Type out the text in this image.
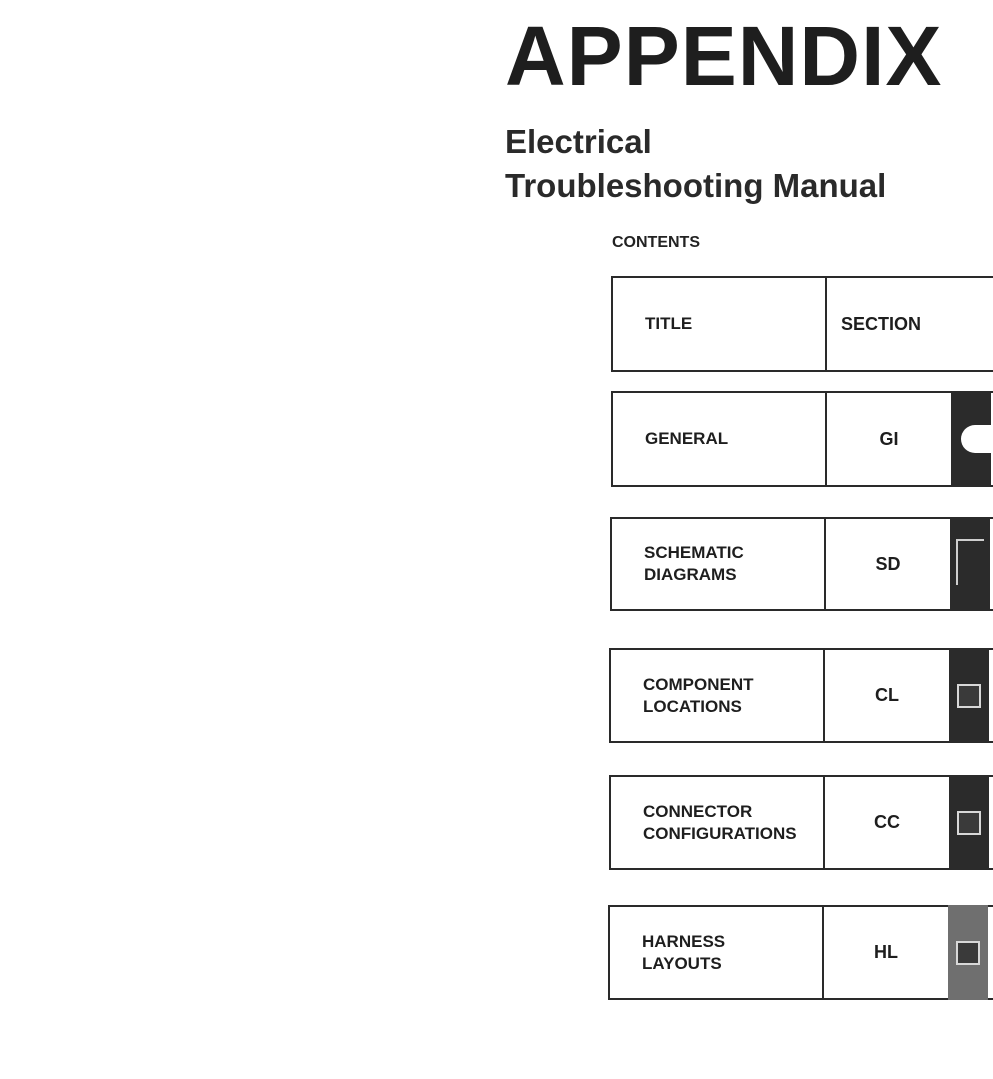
APPENDIX
Electrical
Troubleshooting Manual
CONTENTS
TITLE	SECTION
GENERAL	GI
SCHEMATIC
DIAGRAMS
SD
COMPONENT
LOCATIONS
CL
CONNECTOR
CONFIGURATIONS
CC
HARNESS
LAYOUTS
HL
